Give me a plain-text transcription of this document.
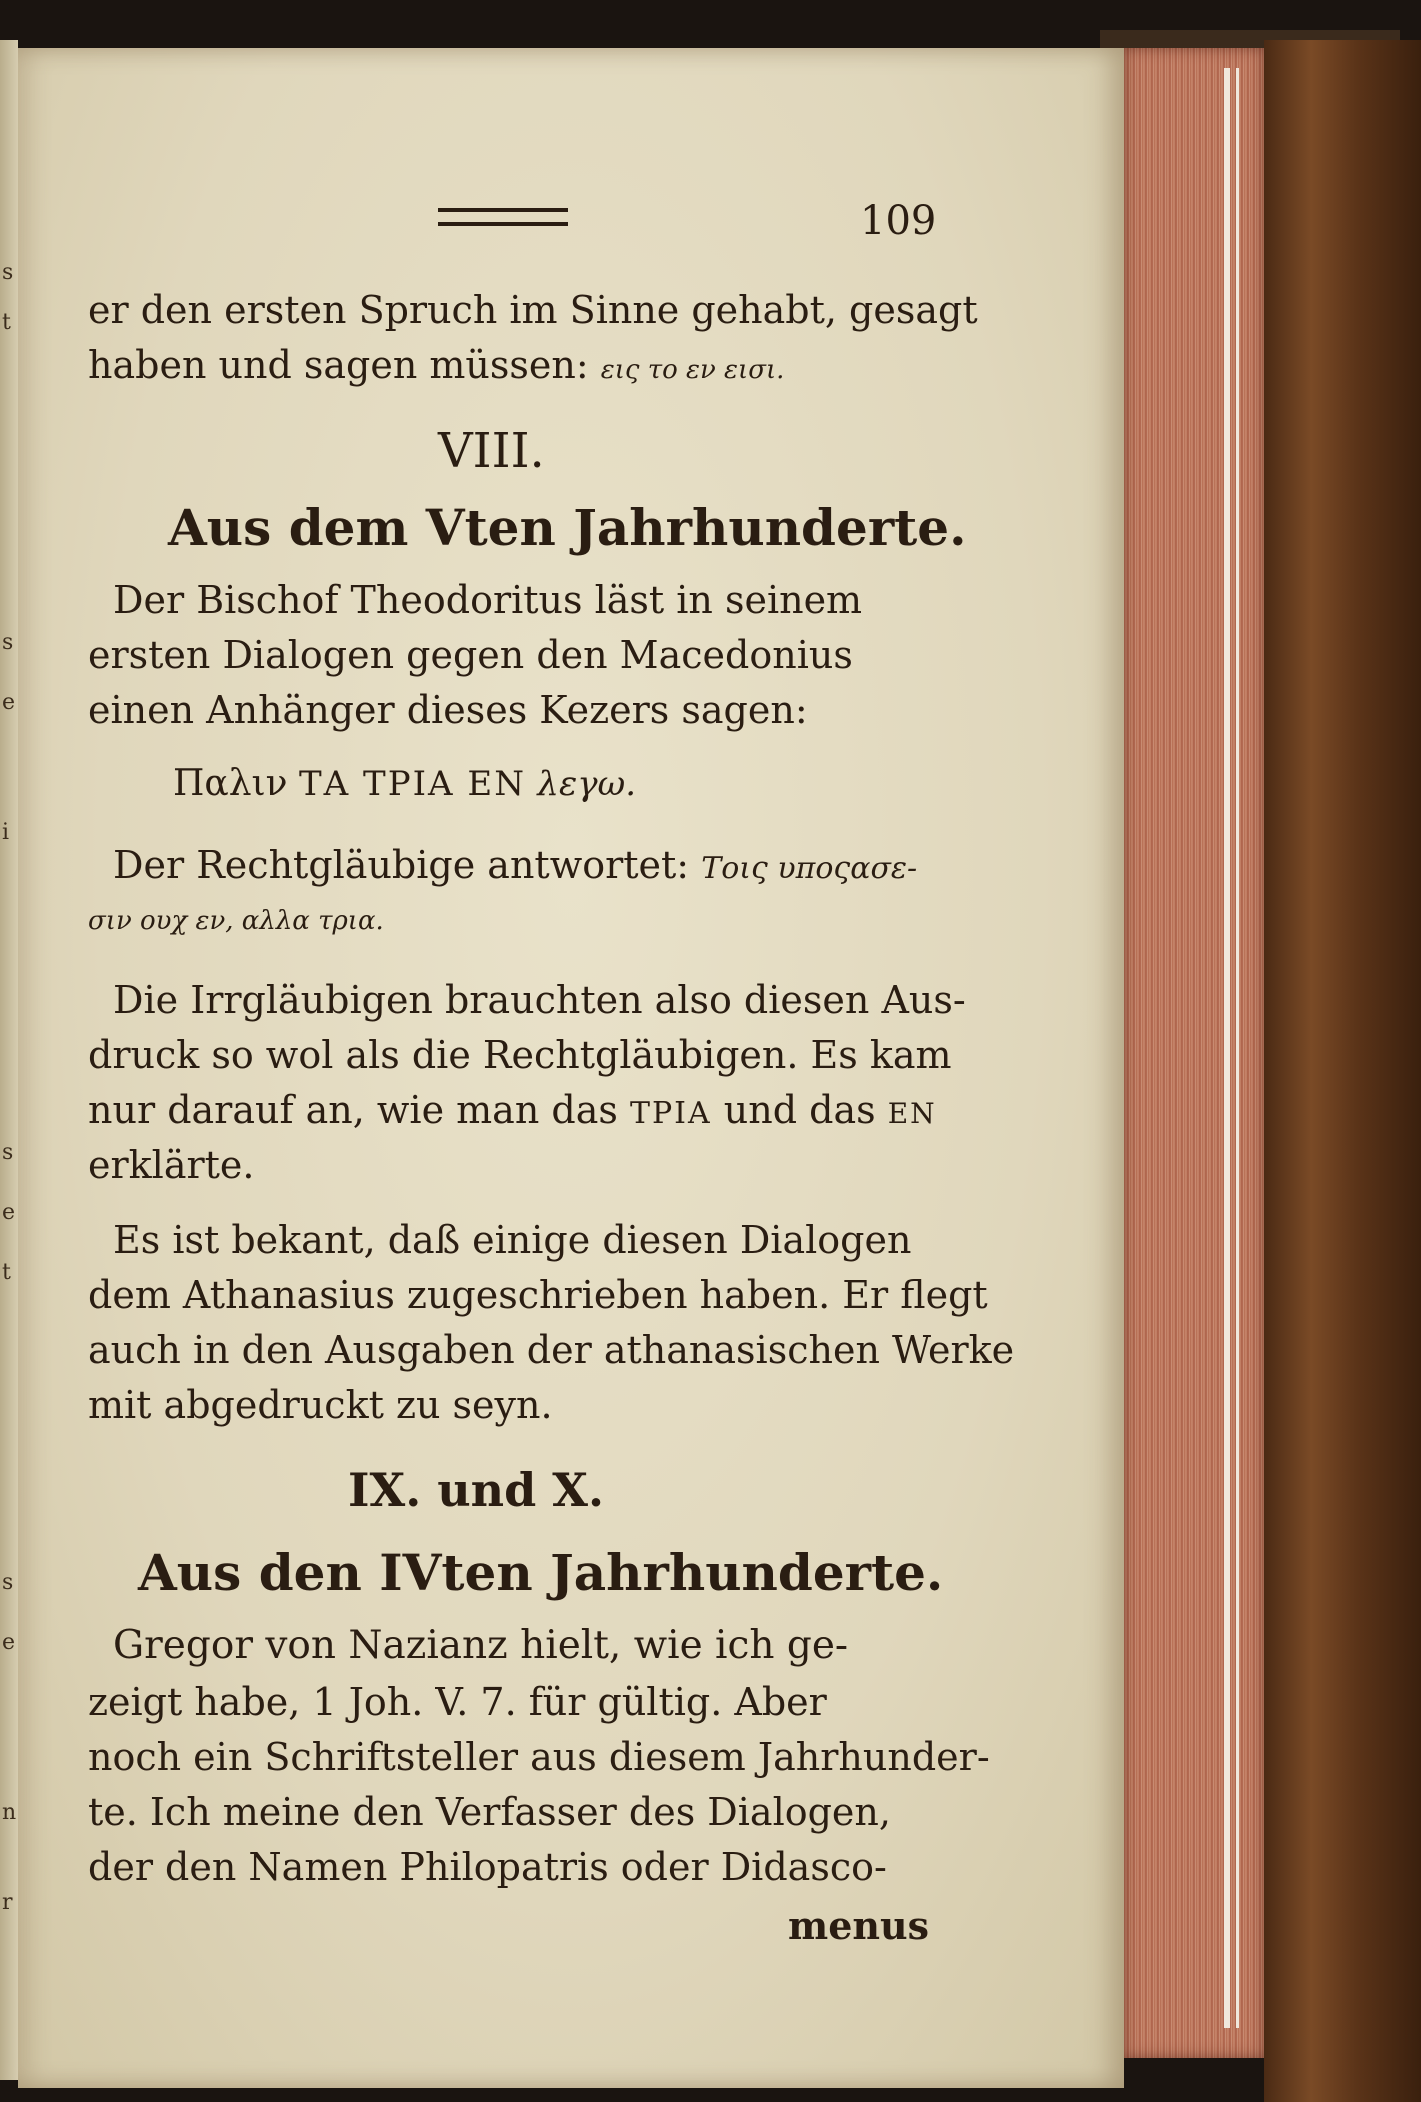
s
t
s
e
i
s
e
t
s
e
n
r
109
er den ersten Spruch im Sinne gehabt, gesagt
haben und sagen müssen: εις το εν εισι.
VIII.
Aus dem Vten Jahrhunderte.
Der Bischof Theodoritus läst in seinem
ersten Dialogen gegen den Macedonius
einen Anhänger dieses Kezers sagen:
Παλιν ΤΑ ΤΡΙΑ ΕΝ λεγω.
Der Rechtgläubige antwortet: Τοις υποςασε-
σιν ουχ εν, αλλα τρια.
Die Irrgläubigen brauchten also diesen Aus-
druck so wol als die Rechtgläubigen. Es kam
nur darauf an, wie man das ΤΡΙΑ und das ΕΝ
erklärte.
Es ist bekant, daß einige diesen Dialogen
dem Athanasius zugeschrieben haben. Er flegt
auch in den Ausgaben der athanasischen Werke
mit abgedruckt zu seyn.
IX. und X.
Aus den IVten Jahrhunderte.
Gregor von Nazianz hielt, wie ich ge-
zeigt habe, 1 Joh. V. 7. für gültig. Aber
noch ein Schriftsteller aus diesem Jahrhunder-
te. Ich meine den Verfasser des Dialogen,
der den Namen Philopatris oder Didasco-
menus
